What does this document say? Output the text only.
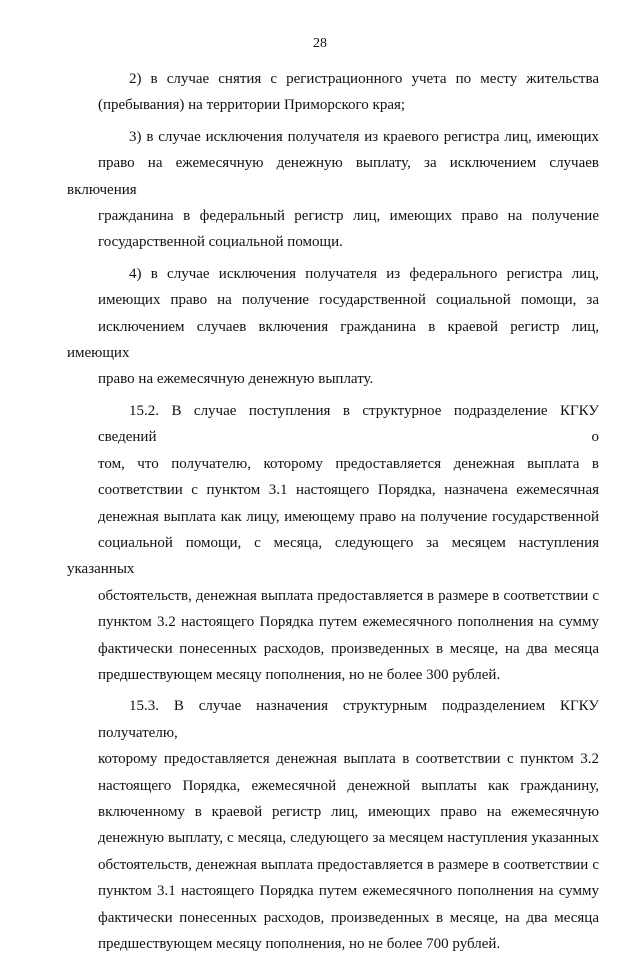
28
2) в случае снятия с регистрационного учета по месту жительства
(пребывания) на территории Приморского края;
3) в случае исключения получателя из краевого регистра лиц, имеющих
право на ежемесячную денежную выплату, за исключением случаев включения
гражданина в федеральный регистр лиц, имеющих право на получение
государственной социальной помощи.
4) в случае исключения получателя из федерального регистра лиц,
имеющих право на получение государственной социальной помощи, за
исключением случаев включения гражданина в краевой регистр лиц, имеющих
право на ежемесячную денежную выплату.
15.2. В случае поступления в структурное подразделение КГКУ сведений о
том, что получателю, которому предоставляется денежная выплата в
соответствии с пунктом 3.1 настоящего Порядка, назначена ежемесячная
денежная выплата как лицу, имеющему право на получение государственной
социальной помощи, с месяца, следующего за месяцем наступления указанных
обстоятельств, денежная выплата предоставляется в размере в соответствии с
пунктом 3.2 настоящего Порядка путем ежемесячного пополнения на сумму
фактически понесенных расходов, произведенных в месяце, на два месяца
предшествующем месяцу пополнения, но не более 300 рублей.
15.3. В случае назначения структурным подразделением КГКУ получателю,
которому предоставляется денежная выплата в соответствии с пунктом 3.2
настоящего Порядка, ежемесячной денежной выплаты как гражданину,
включенному в краевой регистр лиц, имеющих право на ежемесячную
денежную выплату, с месяца, следующего за месяцем наступления указанных
обстоятельств, денежная выплата предоставляется в размере в соответствии с
пунктом 3.1 настоящего Порядка путем ежемесячного пополнения на сумму
фактически понесенных расходов, произведенных в месяце, на два месяца
предшествующем месяцу пополнения, но не более 700 рублей.
